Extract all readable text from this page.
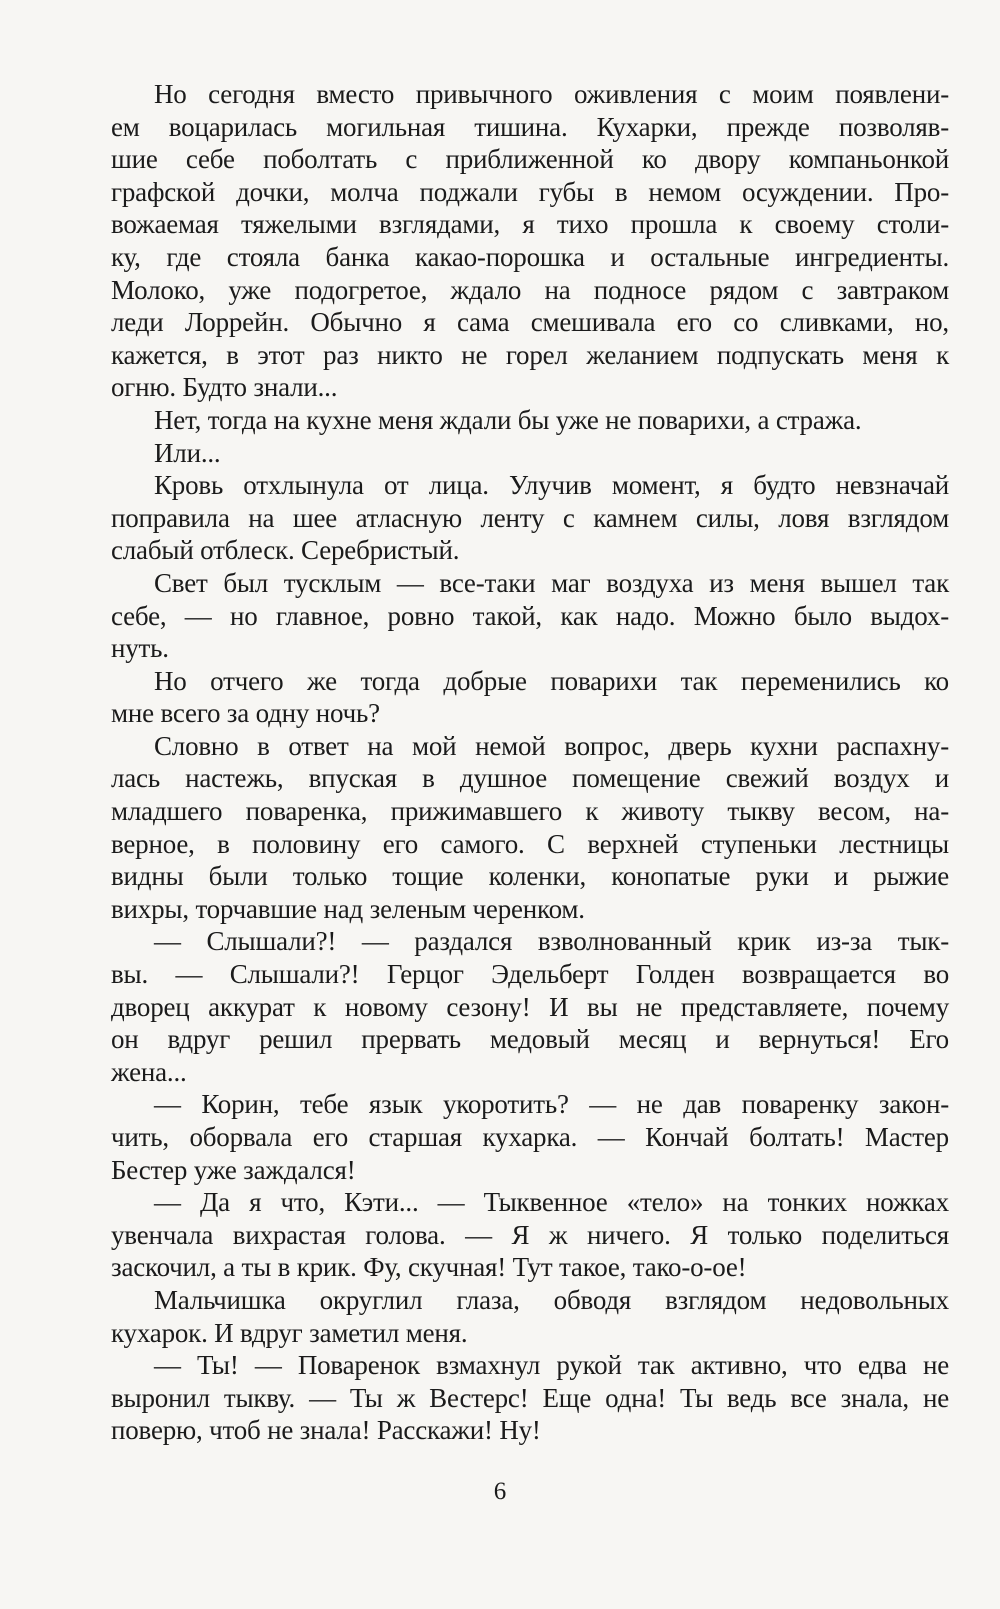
Но сегодня вместо привычного оживления с моим появлени-
ем воцарилась могильная тишина. Кухарки, прежде позволяв-
шие себе поболтать с приближенной ко двору компаньонкой
графской дочки, молча поджали губы в немом осуждении. Про-
вожаемая тяжелыми взглядами, я тихо прошла к своему столи-
ку, где стояла банка какао-порошка и остальные ингредиенты.
Молоко, уже подогретое, ждало на подносе рядом с завтраком
леди Лоррейн. Обычно я сама смешивала его со сливками, но,
кажется, в этот раз никто не горел желанием подпускать меня к
огню. Будто знали...
Нет, тогда на кухне меня ждали бы уже не поварихи, а стража.
Или...
Кровь отхлынула от лица. Улучив момент, я будто невзначай
поправила на шее атласную ленту с камнем силы, ловя взглядом
слабый отблеск. Серебристый.
Свет был тусклым — все-таки маг воздуха из меня вышел так
себе, — но главное, ровно такой, как надо. Можно было выдох-
нуть.
Но отчего же тогда добрые поварихи так переменились ко
мне всего за одну ночь?
Словно в ответ на мой немой вопрос, дверь кухни распахну-
лась настежь, впуская в душное помещение свежий воздух и
младшего поваренка, прижимавшего к животу тыкву весом, на-
верное, в половину его самого. С верхней ступеньки лестницы
видны были только тощие коленки, конопатые руки и рыжие
вихры, торчавшие над зеленым черенком.
— Слышали?! — раздался взволнованный крик из-за тык-
вы. — Слышали?! Герцог Эдельберт Голден возвращается во
дворец аккурат к новому сезону! И вы не представляете, почему
он вдруг решил прервать медовый месяц и вернуться! Его
жена...
— Корин, тебе язык укоротить? — не дав поваренку закон-
чить, оборвала его старшая кухарка. — Кончай болтать! Мастер
Бестер уже заждался!
— Да я что, Кэти... — Тыквенное «тело» на тонких ножках
увенчала вихрастая голова. — Я ж ничего. Я только поделиться
заскочил, а ты в крик. Фу, скучная! Тут такое, тако-о-ое!
Мальчишка округлил глаза, обводя взглядом недовольных
кухарок. И вдруг заметил меня.
— Ты! — Поваренок взмахнул рукой так активно, что едва не
выронил тыкву. — Ты ж Вестерс! Еще одна! Ты ведь все знала, не
поверю, чтоб не знала! Расскажи! Ну!
6
